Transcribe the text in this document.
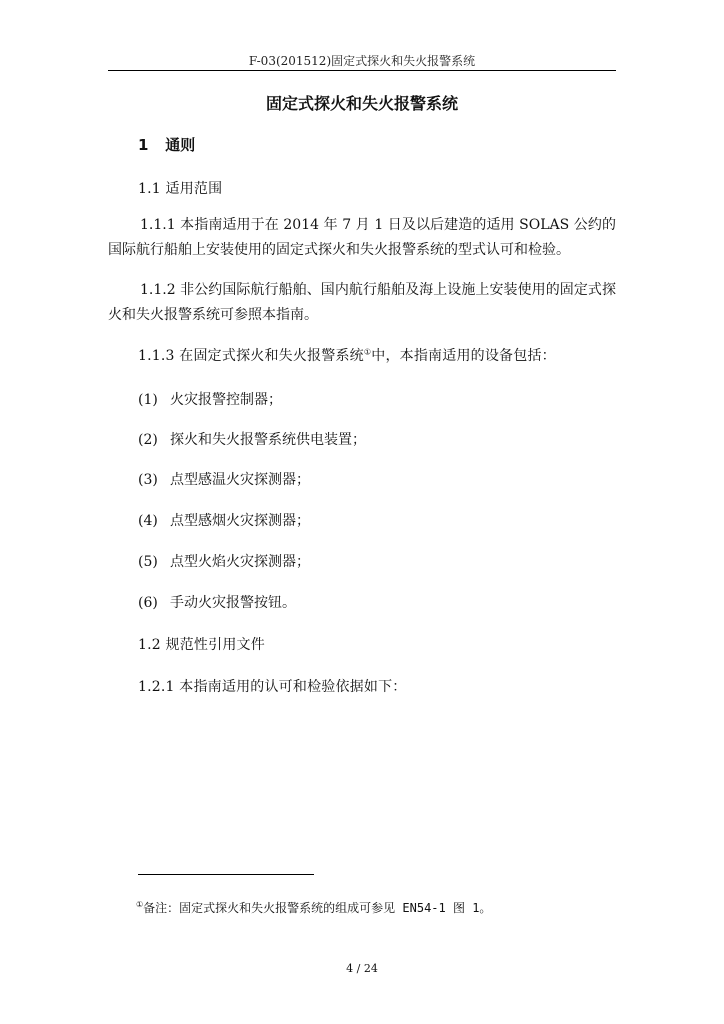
F-03(201512)固定式探火和失火报警系统
固定式探火和失火报警系统
1 通则
1.1 适用范围
1.1.1 本指南适用于在 2014 年 7 月 1 日及以后建造的适用 SOLAS 公约的国际航行船舶上安装使用的固定式探火和失火报警系统的型式认可和检验。
1.1.2 非公约国际航行船舶、国内航行船舶及海上设施上安装使用的固定式探火和失火报警系统可参照本指南。
1.1.3 在固定式探火和失火报警系统①中，本指南适用的设备包括：
(1) 火灾报警控制器；
(2) 探火和失火报警系统供电装置；
(3) 点型感温火灾探测器；
(4) 点型感烟火灾探测器；
(5) 点型火焰火灾探测器；
(6) 手动火灾报警按钮。
1.2 规范性引用文件
1.2.1 本指南适用的认可和检验依据如下：
①备注：固定式探火和失火报警系统的组成可参见 EN54-1 图 1。
4 / 24
